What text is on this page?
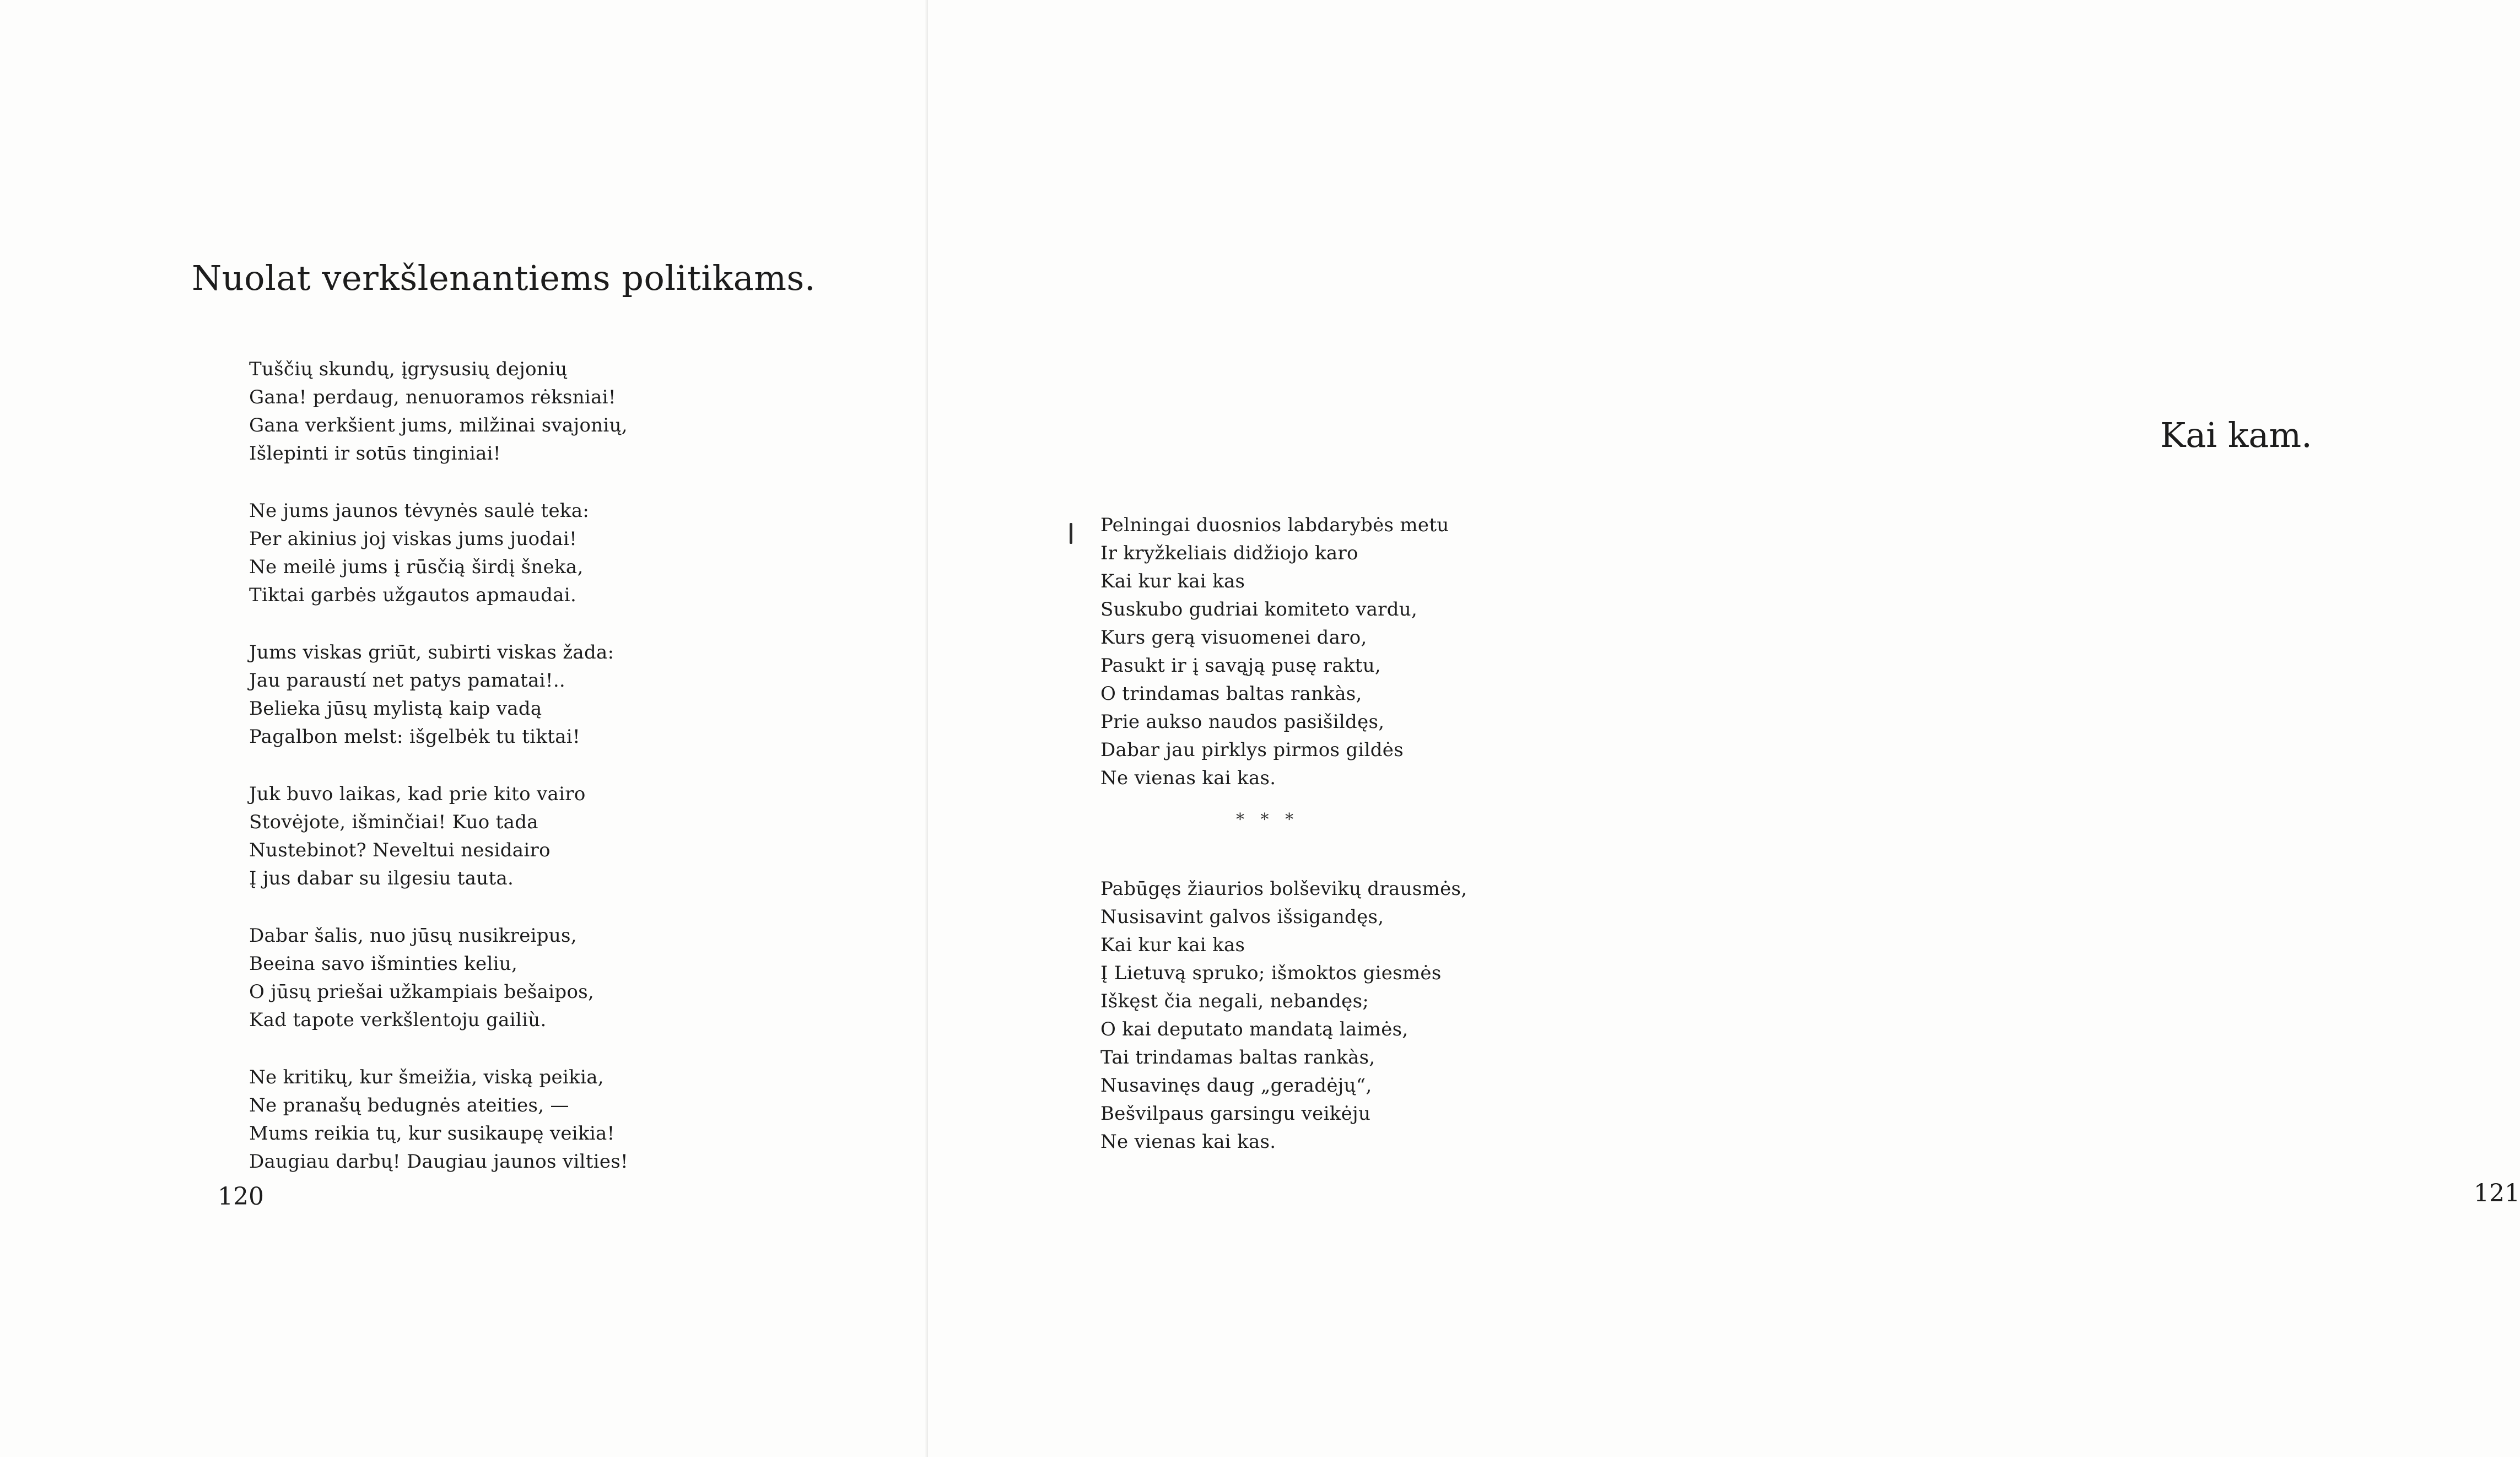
Nuolat verkšlenantiems politikams.
Tuščių skundų, įgrysusių dejonių
Gana! perdaug, nenuoramos rėksniai!
Gana verkšient jums, milžinai svajonių,
Išlepinti ir sotūs tinginiai!
Ne jums jaunos tėvynės saulė teka:
Per akinius joj viskas jums juodai!
Ne meilė jums į rūsčią širdį šneka,
Tiktai garbės užgautos apmaudai.
Jums viskas griūt, subirti viskas žada:
Jau paraustí net patys pamatai!..
Belieka jūsų mylistą kaip vadą
Pagalbon melst: išgelbėk tu tiktai!
Juk buvo laikas, kad prie kito vairo
Stovėjote, išminčiai! Kuo tada
Nustebinot? Neveltui nesidairo
Į jus dabar su ilgesiu tauta.
Dabar šalis, nuo jūsų nusikreipus,
Beeina savo išminties keliu,
O jūsų priešai užkampiais bešaipos,
Kad tapote verkšlentoju gailiù.
Ne kritikų, kur šmeižia, viską peikia,
Ne pranašų bedugnės ateities, —
Mums reikia tų, kur susikaupę veikia!
Daugiau darbų! Daugiau jaunos vilties!
120
Kai kam.
121
Pelningai duosnios labdarybės metu
Ir kryžkeliais didžiojo karo
Kai kur kai kas
Suskubo gudriai komiteto vardu,
Kurs gerą visuomenei daro,
Pasukt ir į savąją pusę raktu,
O trindamas baltas rankàs,
Prie aukso naudos pasišildęs,
Dabar jau pirklys pirmos gildės
Ne vienas kai kas.
* * *
Pabūgęs žiaurios bolševikų drausmės,
Nusisavint galvos išsigandęs,
Kai kur kai kas
Į Lietuvą spruko; išmoktos giesmės
Iškęst čia negali, nebandęs;
O kai deputato mandatą laimės,
Tai trindamas baltas rankàs,
Nusavinęs daug „geradėjų“,
Bešvilpaus garsingu veikėju
Ne vienas kai kas.
